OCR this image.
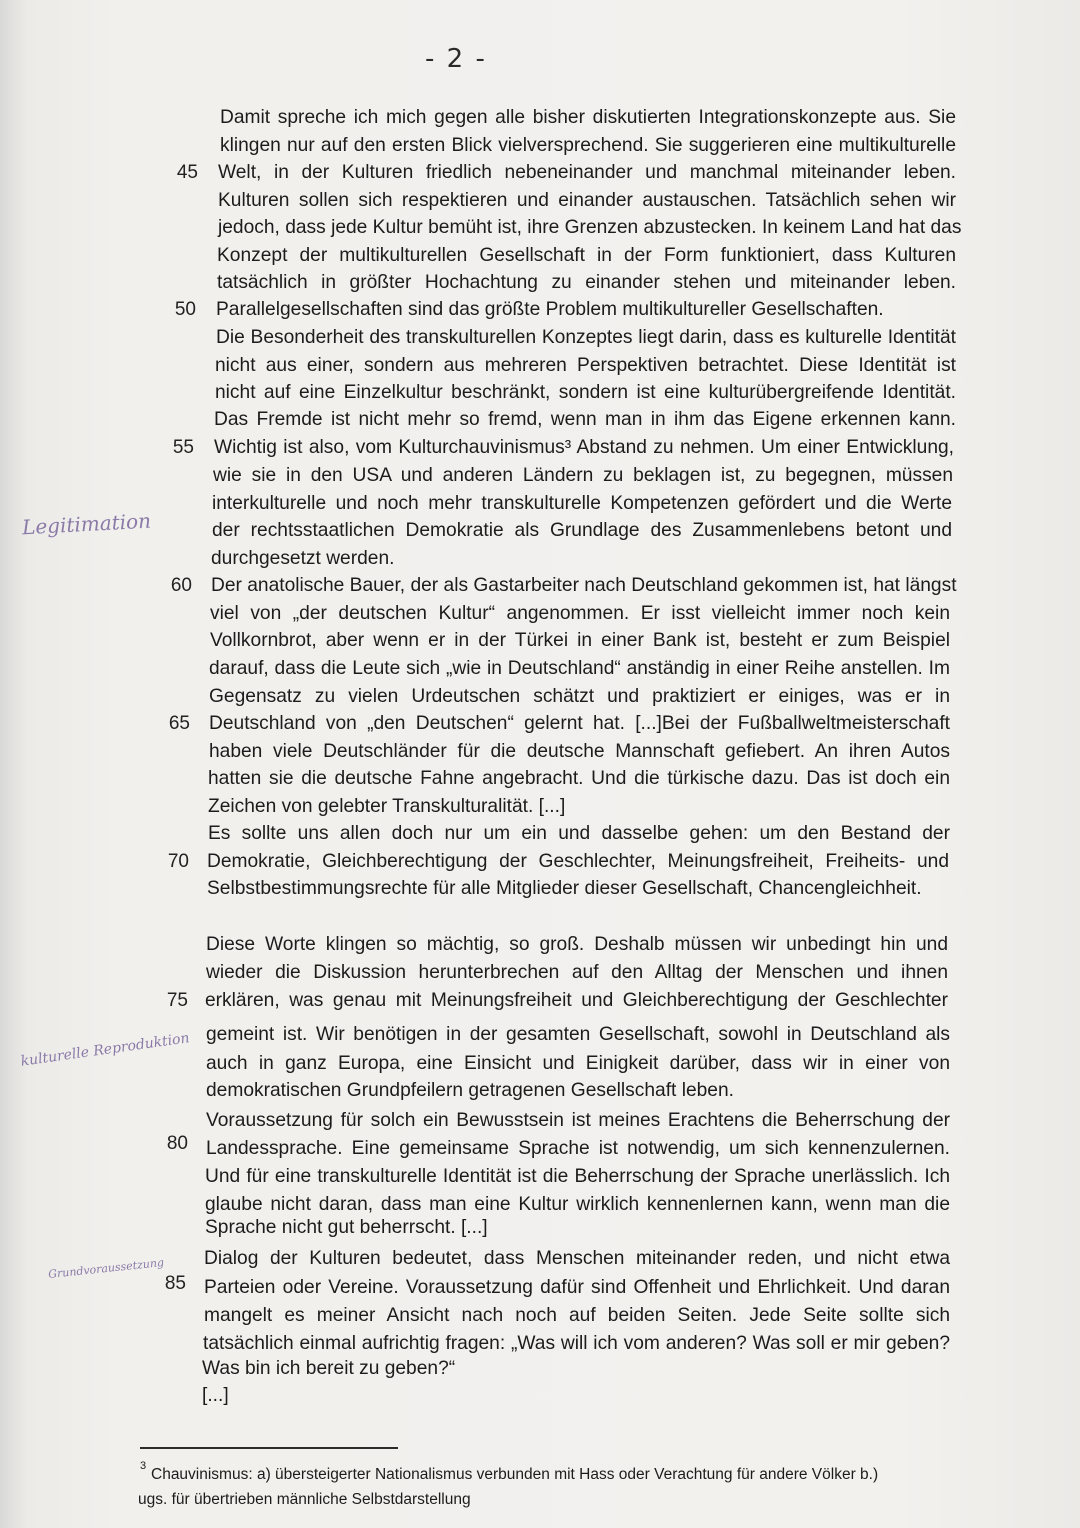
- 2 -
Damit spreche ich mich gegen alle bisher diskutierten Integrationskonzepte aus. Sie
klingen nur auf den ersten Blick vielversprechend. Sie suggerieren eine multikulturelle
Welt, in der Kulturen friedlich nebeneinander und manchmal miteinander leben.
Kulturen sollen sich respektieren und einander austauschen. Tatsächlich sehen wir
jedoch, dass jede Kultur bemüht ist, ihre Grenzen abzustecken. In keinem Land hat das
Konzept der multikulturellen Gesellschaft in der Form funktioniert, dass Kulturen
tatsächlich in größter Hochachtung zu einander stehen und miteinander leben.
Parallelgesellschaften sind das größte Problem multikultureller Gesellschaften.
Die Besonderheit des transkulturellen Konzeptes liegt darin, dass es kulturelle Identität
nicht aus einer, sondern aus mehreren Perspektiven betrachtet. Diese Identität ist
nicht auf eine Einzelkultur beschränkt, sondern ist eine kulturübergreifende Identität.
Das Fremde ist nicht mehr so fremd, wenn man in ihm das Eigene erkennen kann.
Wichtig ist also, vom Kulturchauvinismus³ Abstand zu nehmen. Um einer Entwicklung,
wie sie in den USA und anderen Ländern zu beklagen ist, zu begegnen, müssen
interkulturelle und noch mehr transkulturelle Kompetenzen gefördert und die Werte
der rechtsstaatlichen Demokratie als Grundlage des Zusammenlebens betont und
durchgesetzt werden.
Der anatolische Bauer, der als Gastarbeiter nach Deutschland gekommen ist, hat längst
viel von „der deutschen Kultur“ angenommen. Er isst vielleicht immer noch kein
Vollkornbrot, aber wenn er in der Türkei in einer Bank ist, besteht er zum Beispiel
darauf, dass die Leute sich „wie in Deutschland“ anständig in einer Reihe anstellen. Im
Gegensatz zu vielen Urdeutschen schätzt und praktiziert er einiges, was er in
Deutschland von „den Deutschen“ gelernt hat. [...]Bei der Fußballweltmeisterschaft
haben viele Deutschländer für die deutsche Mannschaft gefiebert. An ihren Autos
hatten sie die deutsche Fahne angebracht. Und die türkische dazu. Das ist doch ein
Zeichen von gelebter Transkulturalität. [...]
Es sollte uns allen doch nur um ein und dasselbe gehen: um den Bestand der
Demokratie, Gleichberechtigung der Geschlechter, Meinungsfreiheit, Freiheits- und
Selbstbestimmungsrechte für alle Mitglieder dieser Gesellschaft, Chancengleichheit.
Diese Worte klingen so mächtig, so groß. Deshalb müssen wir unbedingt hin und
wieder die Diskussion herunterbrechen auf den Alltag der Menschen und ihnen
erklären, was genau mit Meinungsfreiheit und Gleichberechtigung der Geschlechter
gemeint ist. Wir benötigen in der gesamten Gesellschaft, sowohl in Deutschland als
auch in ganz Europa, eine Einsicht und Einigkeit darüber, dass wir in einer von
demokratischen Grundpfeilern getragenen Gesellschaft leben.
Voraussetzung für solch ein Bewusstsein ist meines Erachtens die Beherrschung der
Landessprache. Eine gemeinsame Sprache ist notwendig, um sich kennenzulernen.
Und für eine transkulturelle Identität ist die Beherrschung der Sprache unerlässlich. Ich
glaube nicht daran, dass man eine Kultur wirklich kennenlernen kann, wenn man die
Sprache nicht gut beherrscht. [...]
Dialog der Kulturen bedeutet, dass Menschen miteinander reden, und nicht etwa
Parteien oder Vereine. Voraussetzung dafür sind Offenheit und Ehrlichkeit. Und daran
mangelt es meiner Ansicht nach noch auf beiden Seiten. Jede Seite sollte sich
tatsächlich einmal aufrichtig fragen: „Was will ich vom anderen? Was soll er mir geben?
Was bin ich bereit zu geben?“
[...]
45
50
55
60
65
70
75
80
85
Legitimation
kulturelle Reproduktion
Grundvoraussetzung
3 Chauvinismus: a) übersteigerter Nationalismus verbunden mit Hass oder Verachtung für andere Völker b.)
ugs. für übertrieben männliche Selbstdarstellung
